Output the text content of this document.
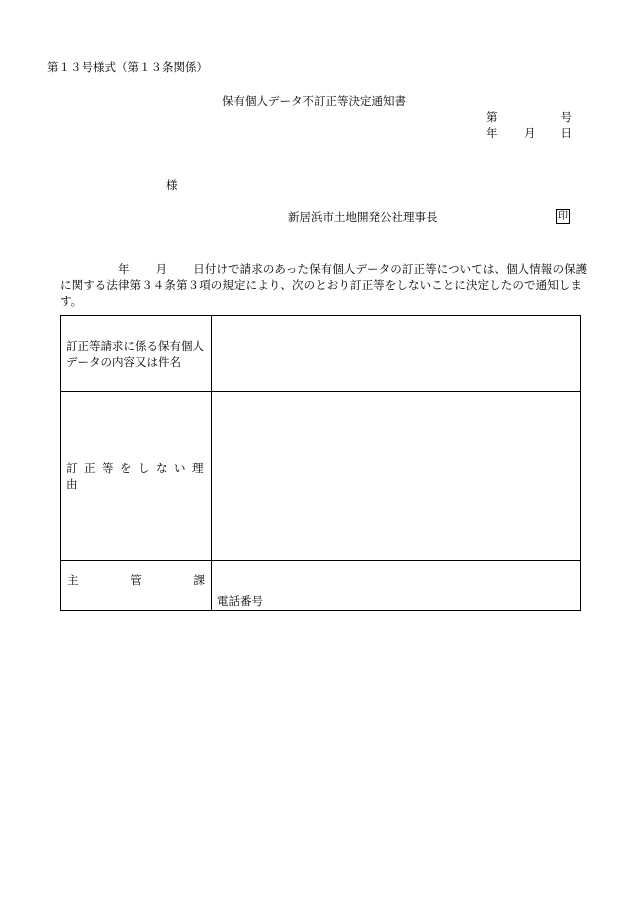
第１３号様式（第１３条関係）
保有個人データ不訂正等決定通知書
第	号
年 月 日
様
新居浜市土地開発公社理事長	印
年 月 日付けで請求のあった保有個人データの訂正等については、個人情報の保護に関する法律第３４条第３項の規定により、次のとおり訂正等をしないことに決定したので通知します。
訂正等請求に係る保有個人
データの内容又は件名	

訂正等をしない理由	

主 管 課	電話番号
